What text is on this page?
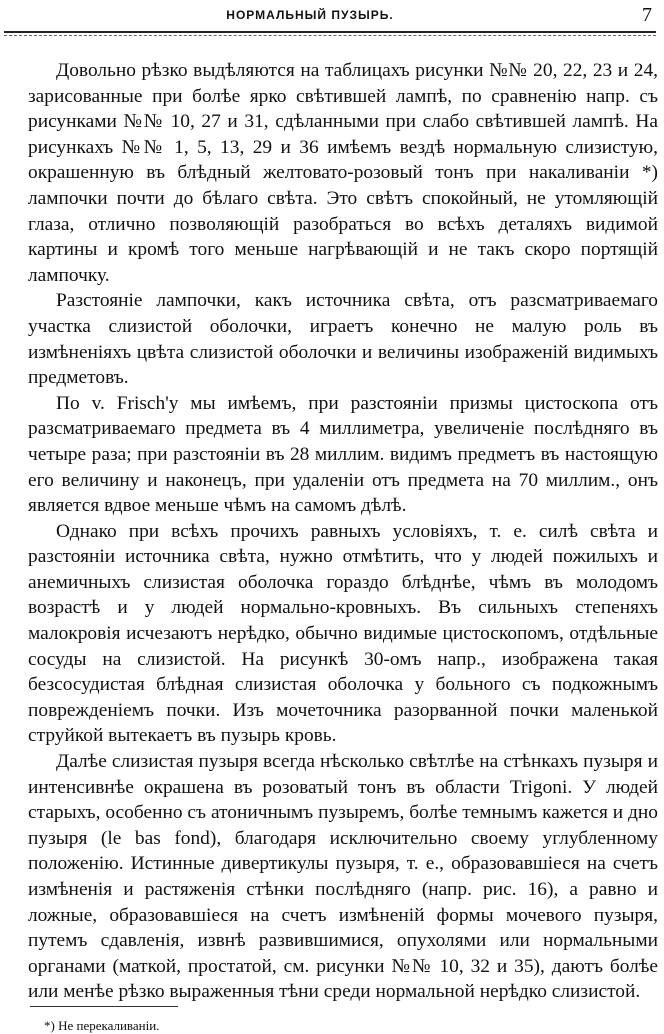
НОРМАЛЬНЫЙ ПУЗЫРЬ.	7

Довольно рѣзко выдѣляются на таблицахъ рисунки №№ 20, 22, 23 и 24, зарисованные при болѣе ярко свѣтившей лампѣ, по сравненію напр. съ рисунками №№ 10, 27 и 31, сдѣланными при слабо свѣтившей лампѣ. На рисункахъ №№ 1, 5, 13, 29 и 36 имѣемъ вездѣ нормальную слизистую, окрашенную въ блѣдный желтовато-розовый тонъ при накаливаніи *) лампочки почти до бѣлаго свѣта. Это свѣтъ спокойный, не утомляющій глаза, отлично позволяющій разобраться во всѣхъ деталяхъ видимой картины и кромѣ того меньше нагрѣвающій и не такъ скоро портящій лампочку.

Разстояніе лампочки, какъ источника свѣта, отъ разсматриваемаго участка слизистой оболочки, играетъ конечно не малую роль въ измѣненіяхъ цвѣта слизистой оболочки и величины изображеній видимыхъ предметовъ.

По v. Frisch'у мы имѣемъ, при разстояніи призмы цистоскопа отъ разсматриваемаго предмета въ 4 миллиметра, увеличеніе послѣдняго въ четыре раза; при разстояніи въ 28 миллим. видимъ предметъ въ настоящую его величину и наконецъ, при удаленіи отъ предмета на 70 миллим., онъ является вдвое меньше чѣмъ на самомъ дѣлѣ.

Однако при всѣхъ прочихъ равныхъ условіяхъ, т. е. силѣ свѣта и разстояніи источника свѣта, нужно отмѣтить, что у людей пожилыхъ и анемичныхъ слизистая оболочка гораздо блѣднѣе, чѣмъ въ молодомъ возрастѣ и у людей нормально-кровныхъ. Въ сильныхъ степеняхъ малокровія исчезаютъ нерѣдко, обычно видимые цистоскопомъ, отдѣльные сосуды на слизистой. На рисункѣ 30-омъ напр., изображена такая безсосудистая блѣдная слизистая оболочка у больного съ подкожнымъ поврежденіемъ почки. Изъ мочеточника разорванной почки маленькой струйкой вытекаетъ въ пузырь кровь.

Далѣе слизистая пузыря всегда нѣсколько свѣтлѣе на стѣнкахъ пузыря и интенсивнѣе окрашена въ розоватый тонъ въ области Trigoni. У людей старыхъ, особенно съ атоничнымъ пузыремъ, болѣе темнымъ кажется и дно пузыря (le bas fond), благодаря исключительно своему углубленному положенію. Истинные дивертикулы пузыря, т. е., образовавшіеся на счетъ измѣненія и растяженія стѣнки послѣдняго (напр. рис. 16), а равно и ложные, образовавшіеся на счетъ измѣненій формы мочевого пузыря, путемъ сдавленія, извнѣ развившимися, опухолями или нормальными органами (маткой, простатой, см. рисунки №№ 10, 32 и 35), даютъ болѣе или менѣе рѣзко выраженныя тѣни среди нормальной нерѣдко слизистой.

*) Не перекаливаніи.
